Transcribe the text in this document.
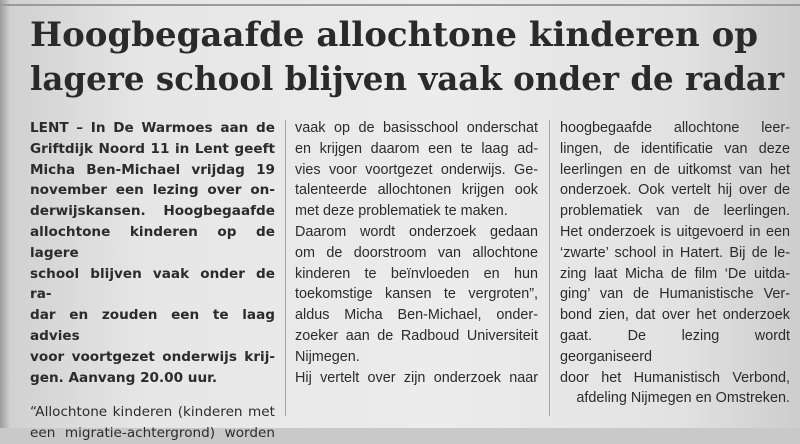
Hoogbegaafde allochtone kinderen op
lagere school blijven vaak onder de radar
LENT – In De Warmoes aan de
Griftdijk Noord 11 in Lent geeft
Micha Ben-Michael vrijdag 19
november een lezing over on-
derwijskansen. Hoogbegaafde
allochtone kinderen op de lagere
school blijven vaak onder de ra-
dar en zouden een te laag advies
voor voortgezet onderwijs krij-
gen. Aanvang 20.00 uur.
“Allochtone kinderen (kinderen met
een migratie-achtergrond) worden
vaak op de basisschool onderschat
en krijgen daarom een te laag ad-
vies voor voortgezet onderwijs. Ge-
talenteerde allochtonen krijgen ook
met deze problematiek te maken.
Daarom wordt onderzoek gedaan
om de doorstroom van allochtone
kinderen te beïnvloeden en hun
toekomstige kansen te vergroten”,
aldus Micha Ben-Michael, onder-
zoeker aan de Radboud Universiteit
Nijmegen.
Hij vertelt over zijn onderzoek naar
hoogbegaafde allochtone leer-
lingen, de identificatie van deze
leerlingen en de uitkomst van het
onderzoek. Ook vertelt hij over de
problematiek van de leerlingen.
Het onderzoek is uitgevoerd in een
‘zwarte’ school in Hatert. Bij de le-
zing laat Micha de film ‘De uitda-
ging’ van de Humanistische Ver-
bond zien, dat over het onderzoek
gaat. De lezing wordt georganiseerd
door het Humanistisch Verbond,
afdeling Nijmegen en Omstreken.
